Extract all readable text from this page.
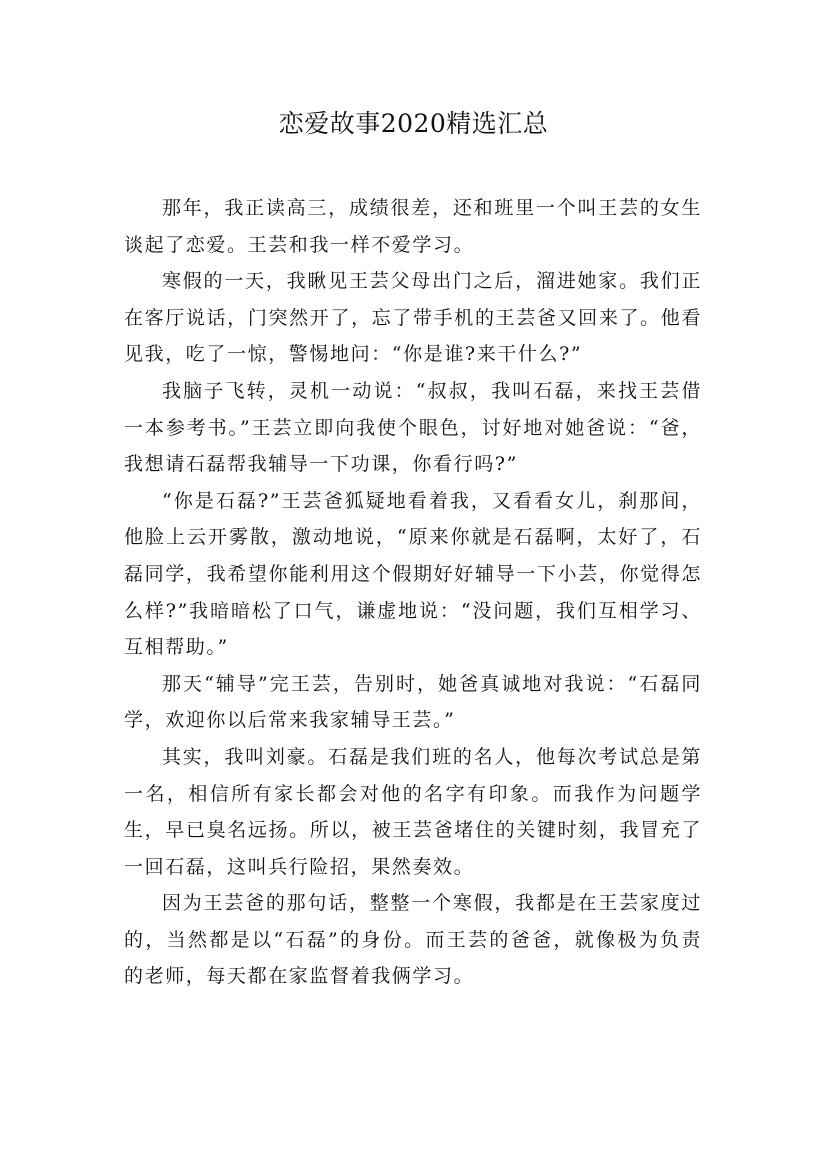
恋爱故事2020精选汇总

那年，我正读高三，成绩很差，还和班里一个叫王芸的女生谈起了恋爱。王芸和我一样不爱学习。

寒假的一天，我瞅见王芸父母出门之后，溜进她家。我们正在客厅说话，门突然开了，忘了带手机的王芸爸又回来了。他看见我，吃了一惊，警惕地问：“你是谁?来干什么?”

我脑子飞转，灵机一动说：“叔叔，我叫石磊，来找王芸借一本参考书。”王芸立即向我使个眼色，讨好地对她爸说：“爸，我想请石磊帮我辅导一下功课，你看行吗?”

“你是石磊?”王芸爸狐疑地看着我，又看看女儿，刹那间，他脸上云开雾散，激动地说，“原来你就是石磊啊，太好了，石磊同学，我希望你能利用这个假期好好辅导一下小芸，你觉得怎么样?”我暗暗松了口气，谦虚地说：“没问题，我们互相学习、互相帮助。”

那天“辅导”完王芸，告别时，她爸真诚地对我说：“石磊同学，欢迎你以后常来我家辅导王芸。”

其实，我叫刘豪。石磊是我们班的名人，他每次考试总是第一名，相信所有家长都会对他的名字有印象。而我作为问题学生，早已臭名远扬。所以，被王芸爸堵住的关键时刻，我冒充了一回石磊，这叫兵行险招，果然奏效。

因为王芸爸的那句话，整整一个寒假，我都是在王芸家度过的，当然都是以“石磊”的身份。而王芸的爸爸，就像极为负责的老师，每天都在家监督着我俩学习。
